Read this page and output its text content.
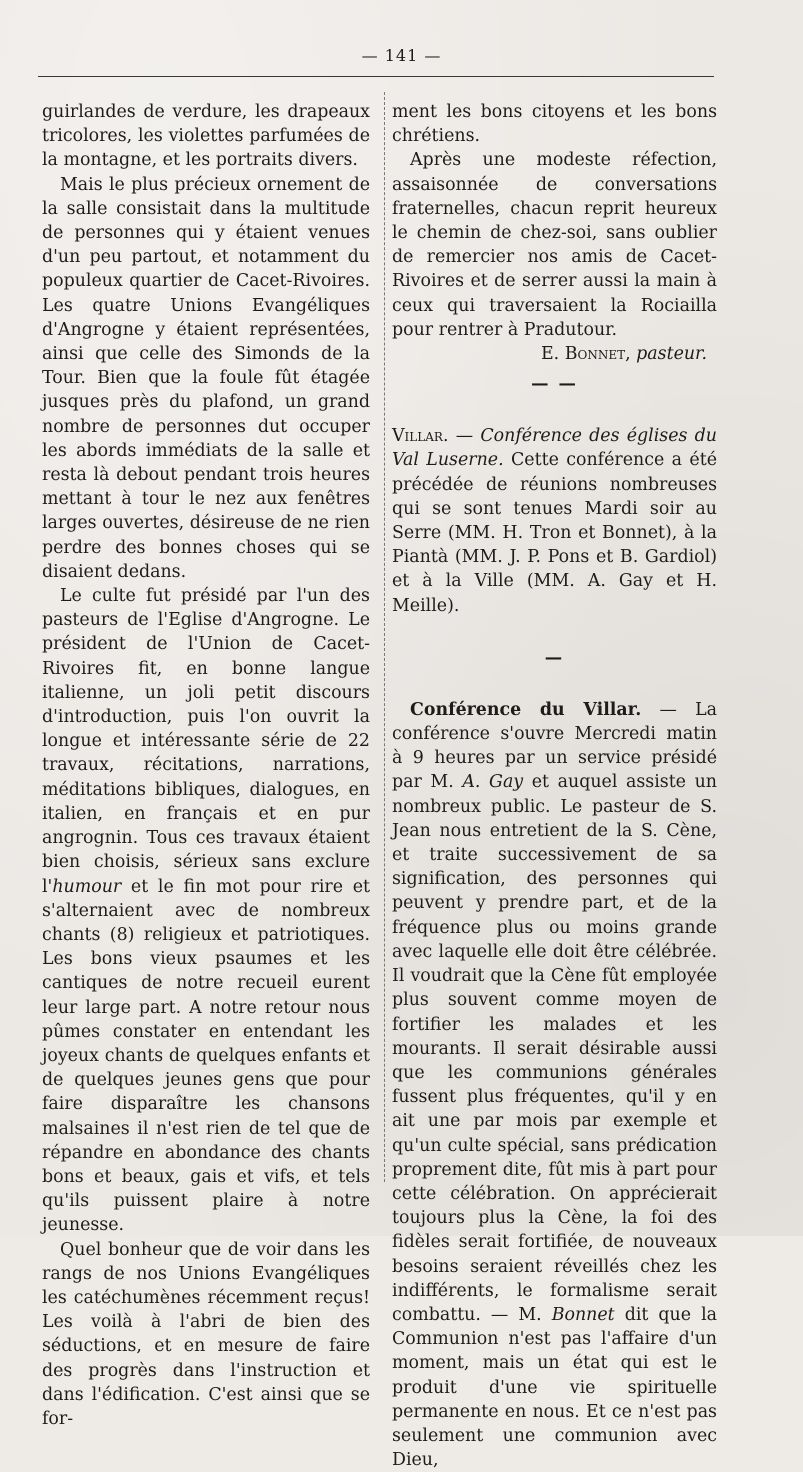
— 141 —

guirlandes de verdure, les drapeaux tricolores, les violettes parfumées de la montagne, et les portraits divers.

Mais le plus précieux ornement de la salle consistait dans la multitude de personnes qui y étaient venues d'un peu partout, et notamment du populeux quartier de Cacet-Rivoires. Les quatre Unions Evangéliques d'Angrogne y étaient représentées, ainsi que celle des Simonds de la Tour. Bien que la foule fût étagée jusques près du plafond, un grand nombre de personnes dut occuper les abords immédiats de la salle et resta là debout pendant trois heures mettant à tour le nez aux fenêtres larges ouvertes, désireuse de ne rien perdre des bonnes choses qui se disaient dedans.

Le culte fut présidé par l'un des pasteurs de l'Eglise d'Angrogne. Le président de l'Union de Cacet-Rivoires fit, en bonne langue italienne, un joli petit discours d'introduction, puis l'on ouvrit la longue et intéressante série de 22 travaux, récitations, narrations, méditations bibliques, dialogues, en italien, en français et en pur angrognin. Tous ces travaux étaient bien choisis, sérieux sans exclure l'humour et le fin mot pour rire et s'alternaient avec de nombreux chants (8) religieux et patriotiques. Les bons vieux psaumes et les cantiques de notre recueil eurent leur large part. A notre retour nous pûmes constater en entendant les joyeux chants de quelques enfants et de quelques jeunes gens que pour faire disparaître les chansons malsaines il n'est rien de tel que de répandre en abondance des chants bons et beaux, gais et vifs, et tels qu'ils puissent plaire à notre jeunesse.

Quel bonheur que de voir dans les rangs de nos Unions Evangéliques les catéchumènes récemment reçus! Les voilà à l'abri de bien des séductions, et en mesure de faire des progrès dans l'instruction et dans l'édification. C'est ainsi que se for-

ment les bons citoyens et les bons chrétiens.

Après une modeste réfection, assaisonnée de conversations fraternelles, chacun reprit heureux le chemin de chez-soi, sans oublier de remercier nos amis de Cacet-Rivoires et de serrer aussi la main à ceux qui traversaient la Rociailla pour rentrer à Pradutour.

E. Bonnet, pasteur.

— —

Villar. — Conférence des églises du Val Luserne. Cette conférence a été précédée de réunions nombreuses qui se sont tenues Mardi soir au Serre (MM. H. Tron et Bonnet), à la Piantà (MM. J. P. Pons et B. Gardiol) et à la Ville (MM. A. Gay et H. Meille).

—

Conférence du Villar. — La conférence s'ouvre Mercredi matin à 9 heures par un service présidé par M. A. Gay et auquel assiste un nombreux public. Le pasteur de S. Jean nous entretient de la S. Cène, et traite successivement de sa signification, des personnes qui peuvent y prendre part, et de la fréquence plus ou moins grande avec laquelle elle doit être célébrée. Il voudrait que la Cène fût employée plus souvent comme moyen de fortifier les malades et les mourants. Il serait désirable aussi que les communions générales fussent plus fréquentes, qu'il y en ait une par mois par exemple et qu'un culte spécial, sans prédication proprement dite, fût mis à part pour cette célébration. On apprécierait toujours plus la Cène, la foi des fidèles serait fortifiée, de nouveaux besoins seraient réveillés chez les indifférents, le formalisme serait combattu. — M. Bonnet dit que la Communion n'est pas l'affaire d'un moment, mais un état qui est le produit d'une vie spirituelle permanente en nous. Et ce n'est pas seulement une communion avec Dieu,
